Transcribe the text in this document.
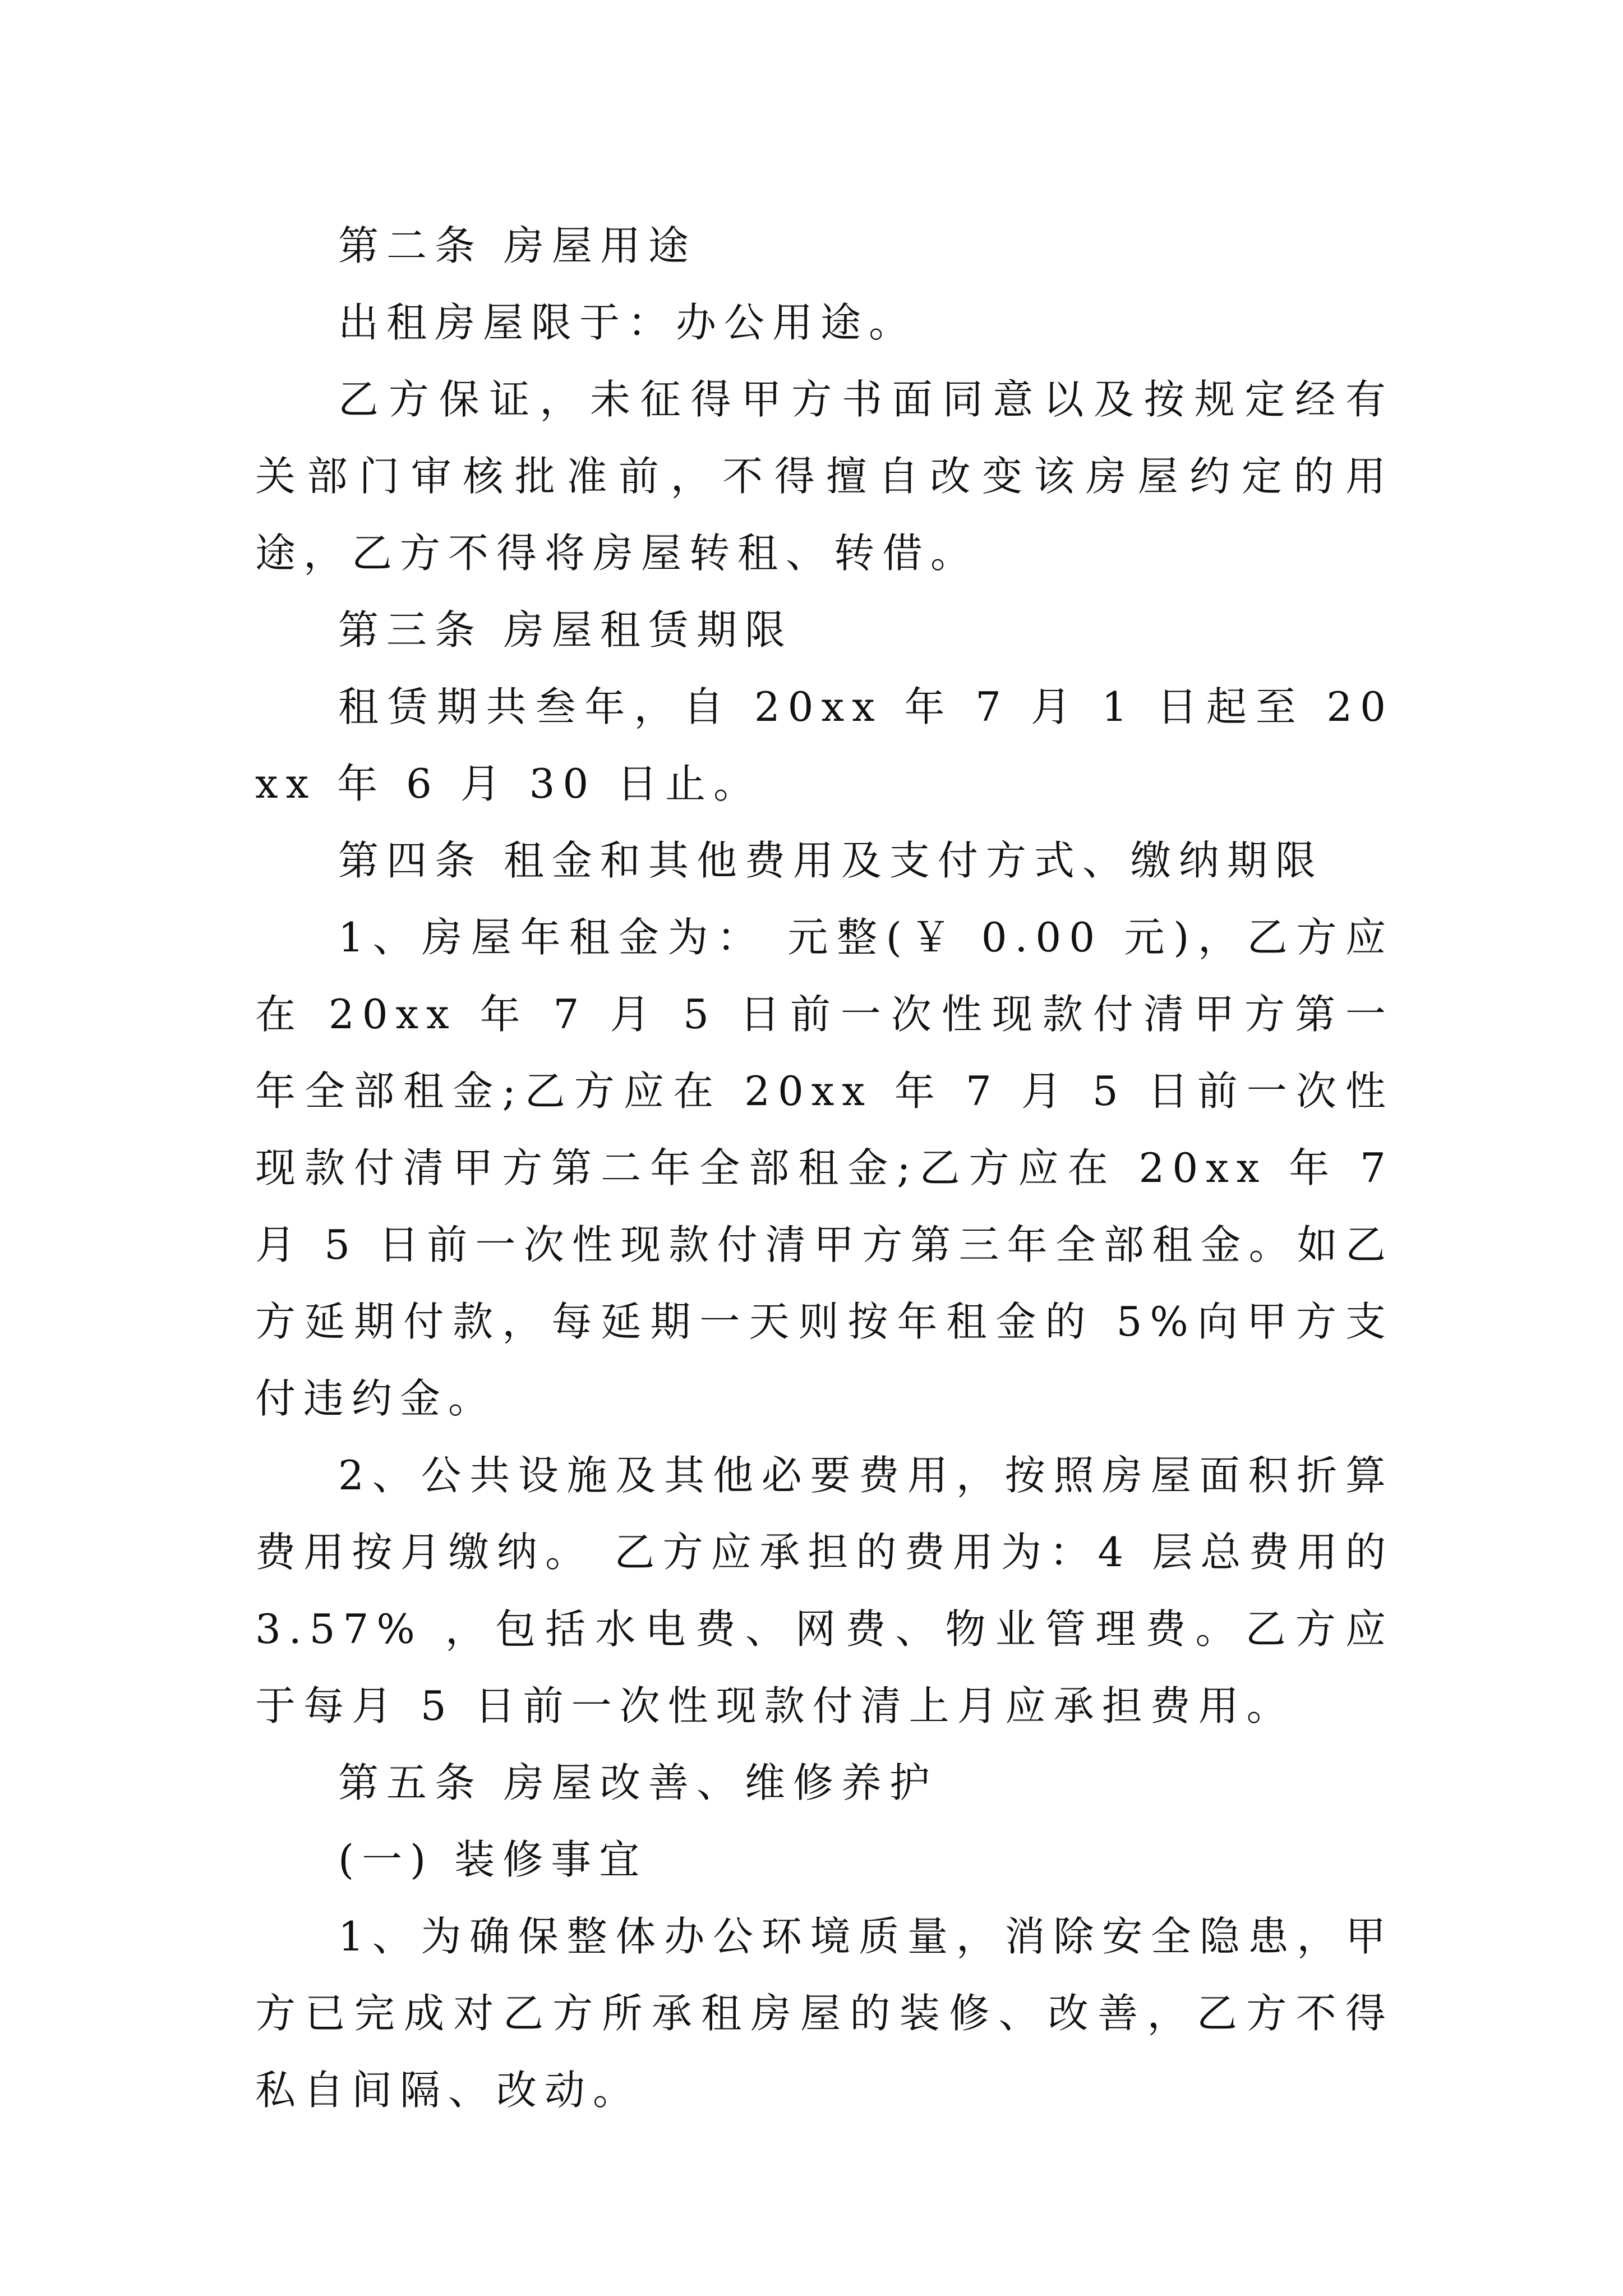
第二条 房屋用途

出租房屋限于：办公用途。

乙方保证，未征得甲方书面同意以及按规定经有关部门审核批准前，不得擅自改变该房屋约定的用途，乙方不得将房屋转租、转借。

第三条 房屋租赁期限

租赁期共叁年，自 20xx 年 7 月 1 日起至 20xx 年 6 月 30 日止。

第四条 租金和其他费用及支付方式、缴纳期限

1、房屋年租金为： 元整(￥ 0.00 元)，乙方应在 20xx 年 7 月 5 日前一次性现款付清甲方第一年全部租金;乙方应在 20xx 年 7 月 5 日前一次性现款付清甲方第二年全部租金;乙方应在 20xx 年 7 月 5 日前一次性现款付清甲方第三年全部租金。如乙方延期付款，每延期一天则按年租金的 5%向甲方支付违约金。

2、公共设施及其他必要费用，按照房屋面积折算费用按月缴纳。 乙方应承担的费用为：4 层总费用的 3.57% ，包括水电费、网费、物业管理费。乙方应于每月 5 日前一次性现款付清上月应承担费用。

第五条 房屋改善、维修养护

(一) 装修事宜

1、为确保整体办公环境质量，消除安全隐患，甲方已完成对乙方所承租房屋的装修、改善，乙方不得私自间隔、改动。
